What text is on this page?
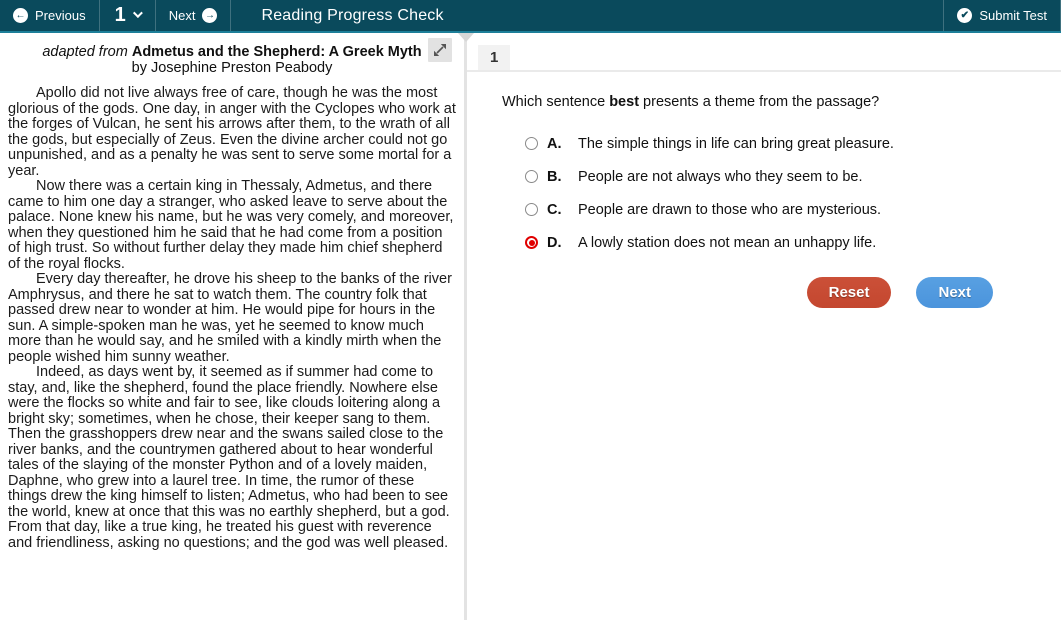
← Previous 1	Next →	Reading Progress Check	✔ Submit Test
adapted from Admetus and the Shepherd: A Greek Myth
by Josephine Preston Peabody

Apollo did not live always free of care, though he was the most glorious of the gods. One day, in anger with the Cyclopes who work at the forges of Vulcan, he sent his arrows after them, to the wrath of all the gods, but especially of Zeus. Even the divine archer could not go unpunished, and as a penalty he was sent to serve some mortal for a year.

Now there was a certain king in Thessaly, Admetus, and there came to him one day a stranger, who asked leave to serve about the palace. None knew his name, but he was very comely, and moreover, when they questioned him he said that he had come from a position of high trust. So without further delay they made him chief shepherd of the royal flocks.

Every day thereafter, he drove his sheep to the banks of the river Amphrysus, and there he sat to watch them. The country folk that passed drew near to wonder at him. He would pipe for hours in the sun. A simple-spoken man he was, yet he seemed to know much more than he would say, and he smiled with a kindly mirth when the people wished him sunny weather.

Indeed, as days went by, it seemed as if summer had come to stay, and, like the shepherd, found the place friendly. Nowhere else were the flocks so white and fair to see, like clouds loitering along a bright sky; sometimes, when he chose, their keeper sang to them. Then the grasshoppers drew near and the swans sailed close to the river banks, and the countrymen gathered about to hear wonderful tales of the slaying of the monster Python and of a lovely maiden, Daphne, who grew into a laurel tree. In time, the rumor of these things drew the king himself to listen; Admetus, who had been to see the world, knew at once that this was no earthly shepherd, but a god. From that day, like a true king, he treated his guest with reverence and friendliness, asking no questions; and the god was well pleased.

1
Which sentence best presents a theme from the passage?
A.	The simple things in life can bring great pleasure.
B.	People are not always who they seem to be.
C.	People are drawn to those who are mysterious.
D.	A lowly station does not mean an unhappy life.
Reset	Next
